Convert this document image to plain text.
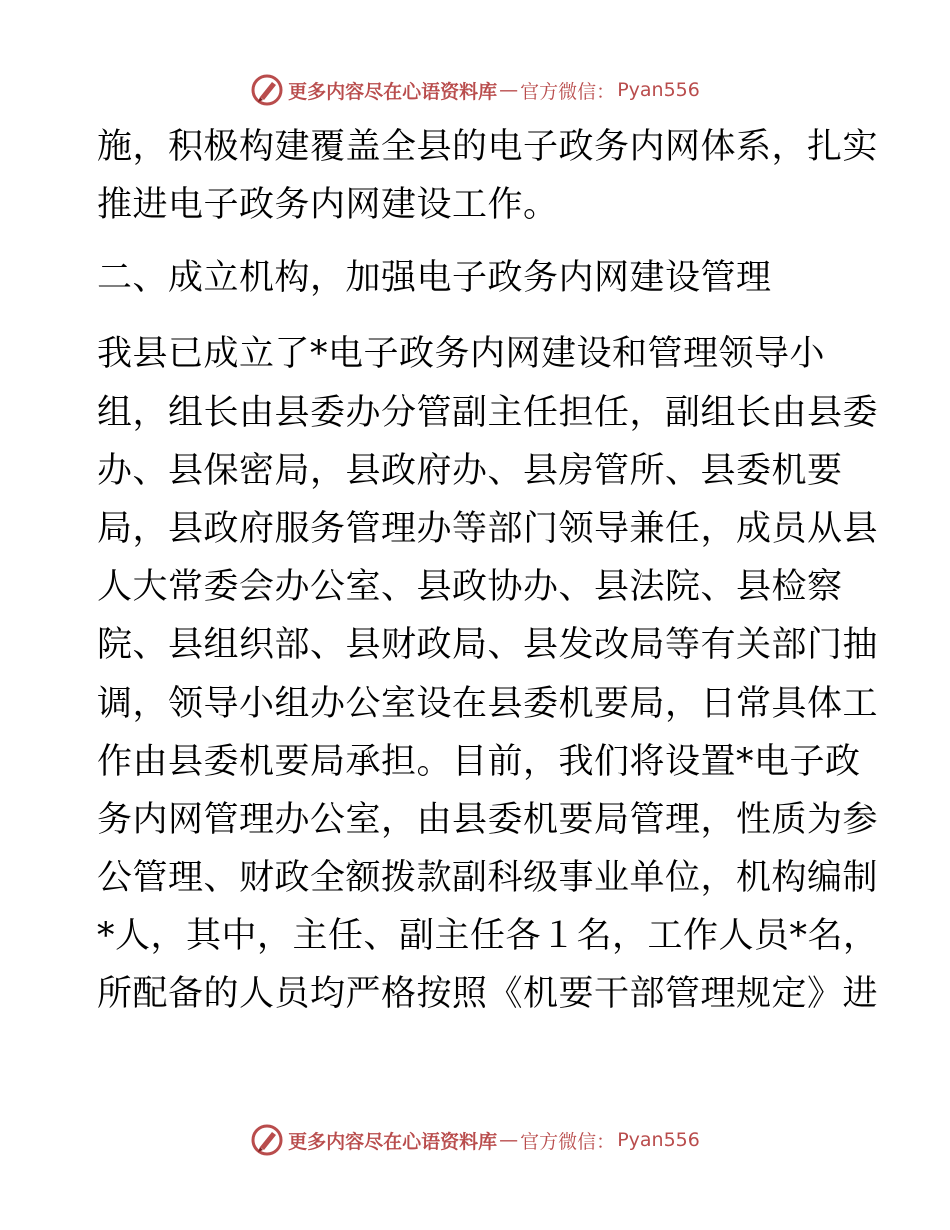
更多内容尽在心语资料库 — 官方微信： Pyan556
施，积极构建覆盖全县的电子政务内网体系，扎实
推进电子政务内网建设工作。
二、成立机构，加强电子政务内网建设管理
我县已成立了*电子政务内网建设和管理领导小
组，组长由县委办分管副主任担任，副组长由县委
办、县保密局，县政府办、县房管所、县委机要
局，县政府服务管理办等部门领导兼任，成员从县
人大常委会办公室、县政协办、县法院、县检察
院、县组织部、县财政局、县发改局等有关部门抽
调，领导小组办公室设在县委机要局，日常具体工
作由县委机要局承担。目前，我们将设置*电子政
务内网管理办公室，由县委机要局管理，性质为参
公管理、财政全额拨款副科级事业单位，机构编制
*人，其中，主任、副主任各１名，工作人员*名，
所配备的人员均严格按照《机要干部管理规定》进
更多内容尽在心语资料库 — 官方微信： Pyan556
